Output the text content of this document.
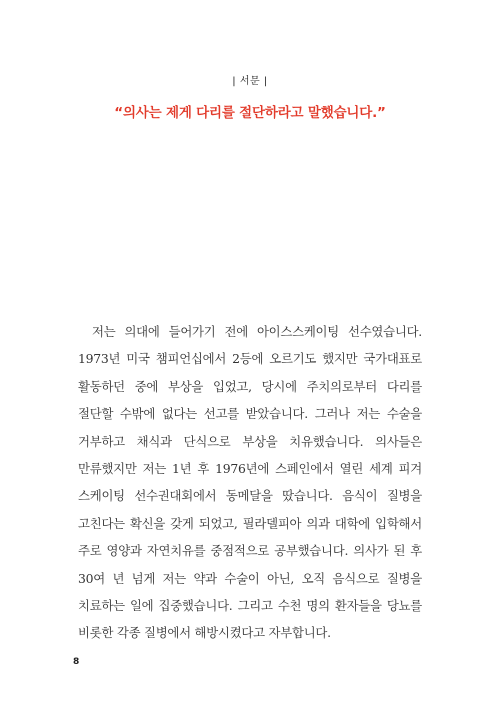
| 서문 |
“의사는 제게 다리를 절단하라고 말했습니다.”
저는 의대에 들어가기 전에 아이스스케이팅 선수였습니다. 1973년 미국 챔피언십에서 2등에 오르기도 했지만 국가대표로 활동하던 중에 부상을 입었고, 당시에 주치의로부터 다리를 절단할 수밖에 없다는 선고를 받았습니다. 그러나 저는 수술을 거부하고 채식과 단식으로 부상을 치유했습니다. 의사들은 만류했지만 저는 1년 후 1976년에 스페인에서 열린 세계 피겨 스케이팅 선수권대회에서 동메달을 땄습니다. 음식이 질병을 고친다는 확신을 갖게 되었고, 필라델피아 의과 대학에 입학해서 주로 영양과 자연치유를 중점적으로 공부했습니다. 의사가 된 후 30여 년 넘게 저는 약과 수술이 아닌, 오직 음식으로 질병을 치료하는 일에 집중했습니다. 그리고 수천 명의 환자들을 당뇨를 비롯한 각종 질병에서 해방시켰다고 자부합니다.
8
